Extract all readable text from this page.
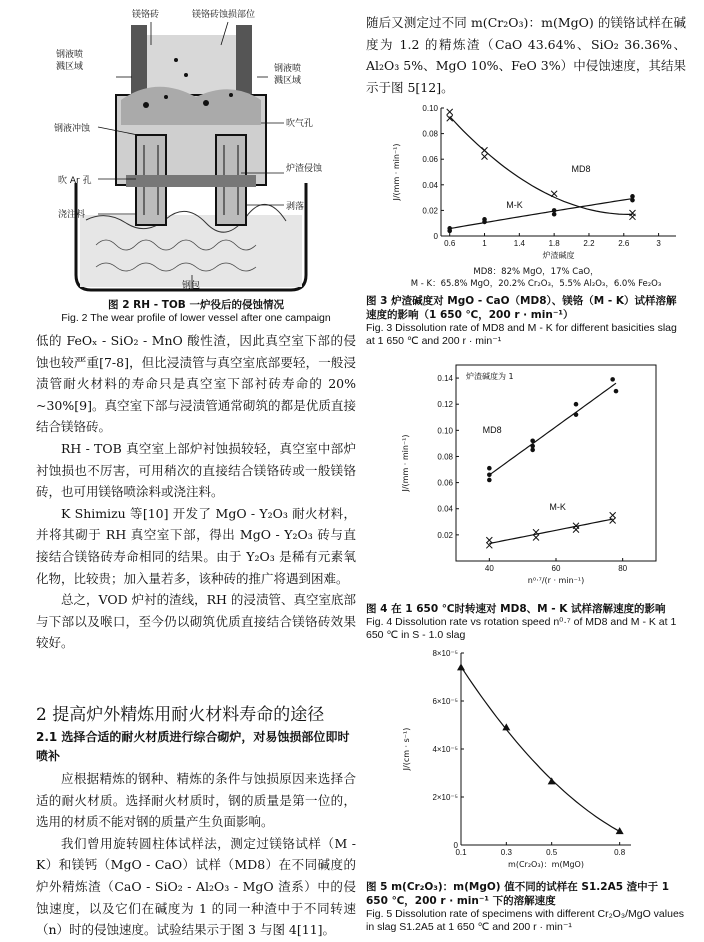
镁铬砖	镁铬砖蚀损部位
钢液喷
溅区域	钢液喷
溅区域
钢液冲蚀	吹气孔
炉渣侵蚀
吹 Ar 孔
剥落
浇注料
钢包
图 2 RH - TOB 一炉役后的侵蚀情况
Fig. 2 The wear profile of lower vessel after one campaign

低的 FeOₓ - SiO₂ - MnO 酸性渣，因此真空室下部的侵蚀也较严重[7-8]，但比浸渍管与真空室底部要轻，一般浸渍管耐火材料的寿命只是真空室下部衬砖寿命的 20% ~30%[9]。真空室下部与浸渍管通常砌筑的都是优质直接结合镁铬砖。

RH - TOB 真空室上部炉衬蚀损较轻，真空室中部炉衬蚀损也不厉害，可用稍次的直接结合镁铬砖或一般镁铬砖，也可用镁铬喷涂料或浇注料。

K Shimizu 等[10] 开发了 MgO - Y₂O₃ 耐火材料，并将其砌于 RH 真空室下部，得出 MgO - Y₂O₃ 砖与直接结合镁铬砖寿命相同的结果。由于 Y₂O₃ 是稀有元素氧化物，比较贵；加入量若多，该种砖的推广将遇到困难。

总之，VOD 炉衬的渣线，RH 的浸渍管、真空室底部与下部以及喉口，至今仍以砌筑优质直接结合镁铬砖效果较好。

2 提高炉外精炼用耐火材料寿命的途径

2.1 选择合适的耐火材质进行综合砌炉，对易蚀损部位即时喷补

应根据精炼的钢种、精炼的条件与蚀损原因来选择合适的耐火材质。选择耐火材质时，钢的质量是第一位的，选用的材质不能对钢的质量产生负面影响。

我们曾用旋转圆柱体试样法，测定过镁铬试样（M - K）和镁钙（MgO - CaO）试样（MD8）在不同碱度的炉外精炼渣（CaO - SiO₂ - Al₂O₃ - MgO 渣系）中的侵蚀速度，以及它们在碱度为 1 的同一种渣中于不同转速（n）时的侵蚀速度。试验结果示于图 3 与图 4[11]。

随后又测定过不同 m(Cr₂O₃)：m(MgO) 的镁铬试样在碱度为 1.2 的精炼渣（CaO 43.64%、SiO₂ 36.36%、Al₂O₃ 5%、MgO 10%、FeO 3%）中侵蚀速度，其结果示于图 5[12]。

0.6	1	1.4	1.8	2.2	2.6	3
0
0.02
0.04
0.06
0.08
0.10
炉渣碱度
J/(mm · min⁻¹)	MD8
M-K
MD8：82% MgO，17% CaO，
M - K：65.8% MgO，20.2% Cr₂O₃，5.5% Al₂O₃，6.0% Fe₂O₃
图 3 炉渣碱度对 MgO - CaO（MD8）、镁铬（M - K）试样溶解速度的影响（1 650 ℃，200 r · min⁻¹）
Fig. 3 Dissolution rate of MD8 and M - K for different basicities slag at 1 650 ℃ and 200 r · min⁻¹
40	60	80
0.02
0.04
0.06
0.08
0.10
0.12
0.14
n⁰·⁷/(r · min⁻¹)
J/(mm · min⁻¹)
炉渣碱度为 1
MD8
M-K
图 4 在 1 650 ℃时转速对 MD8、M - K 试样溶解速度的影响
Fig. 4 Dissolution rate vs rotation speed n⁰·⁷ of MD8 and M - K at 1 650 ℃ in S - 1.0 slag
0.1	0.3	0.5	0.8
0
2×10⁻⁵
4×10⁻⁵
6×10⁻⁵
8×10⁻⁵
m(Cr₂O₃)：m(MgO)
J/(cm · s⁻¹)
图 5 m(Cr₂O₃)：m(MgO) 值不同的试样在 S1.2A5 渣中于 1 650 ℃，200 r · min⁻¹ 下的溶解速度
Fig. 5 Dissolution rate of specimens with different Cr₂O₃/MgO values in slag S1.2A5 at 1 650 ℃ and 200 r · min⁻¹
